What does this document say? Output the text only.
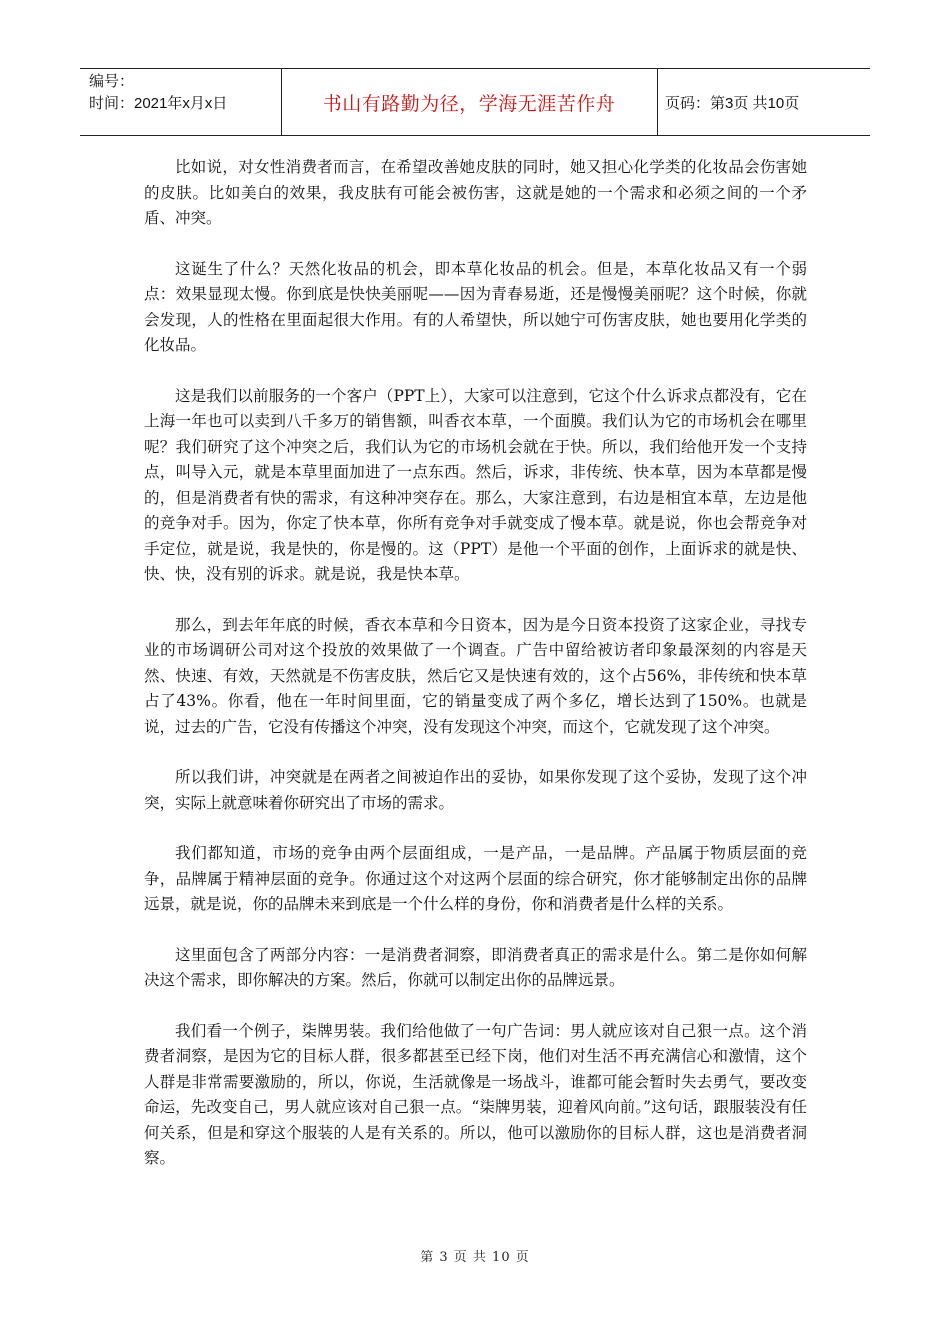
编号：
时间：2021年x月x日	书山有路勤为径，学海无涯苦作舟	页码：第3页 共10页

比如说，对女性消费者而言，在希望改善她皮肤的同时，她又担心化学类的化妆品会伤害她的皮肤。比如美白的效果，我皮肤有可能会被伤害，这就是她的一个需求和必须之间的一个矛盾、冲突。

这诞生了什么？天然化妆品的机会，即本草化妆品的机会。但是，本草化妆品又有一个弱点：效果显现太慢。你到底是快快美丽呢——因为青春易逝，还是慢慢美丽呢？这个时候，你就会发现，人的性格在里面起很大作用。有的人希望快，所以她宁可伤害皮肤，她也要用化学类的化妆品。

这是我们以前服务的一个客户（PPT上），大家可以注意到，它这个什么诉求点都没有，它在上海一年也可以卖到八千多万的销售额，叫香衣本草，一个面膜。我们认为它的市场机会在哪里呢？我们研究了这个冲突之后，我们认为它的市场机会就在于快。所以，我们给他开发一个支持点，叫导入元，就是本草里面加进了一点东西。然后，诉求，非传统、快本草，因为本草都是慢的，但是消费者有快的需求，有这种冲突存在。那么，大家注意到，右边是相宜本草，左边是他的竞争对手。因为，你定了快本草，你所有竞争对手就变成了慢本草。就是说，你也会帮竞争对手定位，就是说，我是快的，你是慢的。这（PPT）是他一个平面的创作，上面诉求的就是快、快、快，没有别的诉求。就是说，我是快本草。

那么，到去年年底的时候，香衣本草和今日资本，因为是今日资本投资了这家企业，寻找专业的市场调研公司对这个投放的效果做了一个调查。广告中留给被访者印象最深刻的内容是天然、快速、有效，天然就是不伤害皮肤，然后它又是快速有效的，这个占56%，非传统和快本草占了43%。你看，他在一年时间里面，它的销量变成了两个多亿，增长达到了150%。也就是说，过去的广告，它没有传播这个冲突，没有发现这个冲突，而这个，它就发现了这个冲突。

所以我们讲，冲突就是在两者之间被迫作出的妥协，如果你发现了这个妥协，发现了这个冲突，实际上就意味着你研究出了市场的需求。

我们都知道，市场的竞争由两个层面组成，一是产品，一是品牌。产品属于物质层面的竞争，品牌属于精神层面的竞争。你通过这个对这两个层面的综合研究，你才能够制定出你的品牌远景，就是说，你的品牌未来到底是一个什么样的身份，你和消费者是什么样的关系。

这里面包含了两部分内容：一是消费者洞察，即消费者真正的需求是什么。第二是你如何解决这个需求，即你解决的方案。然后，你就可以制定出你的品牌远景。

我们看一个例子，柒牌男装。我们给他做了一句广告词：男人就应该对自己狠一点。这个消费者洞察，是因为它的目标人群，很多都甚至已经下岗，他们对生活不再充满信心和激情，这个人群是非常需要激励的，所以，你说，生活就像是一场战斗，谁都可能会暂时失去勇气，要改变命运，先改变自己，男人就应该对自己狠一点。“柒牌男装，迎着风向前。”这句话，跟服装没有任何关系，但是和穿这个服装的人是有关系的。所以，他可以激励你的目标人群，这也是消费者洞察。

第 3 页 共 10 页
